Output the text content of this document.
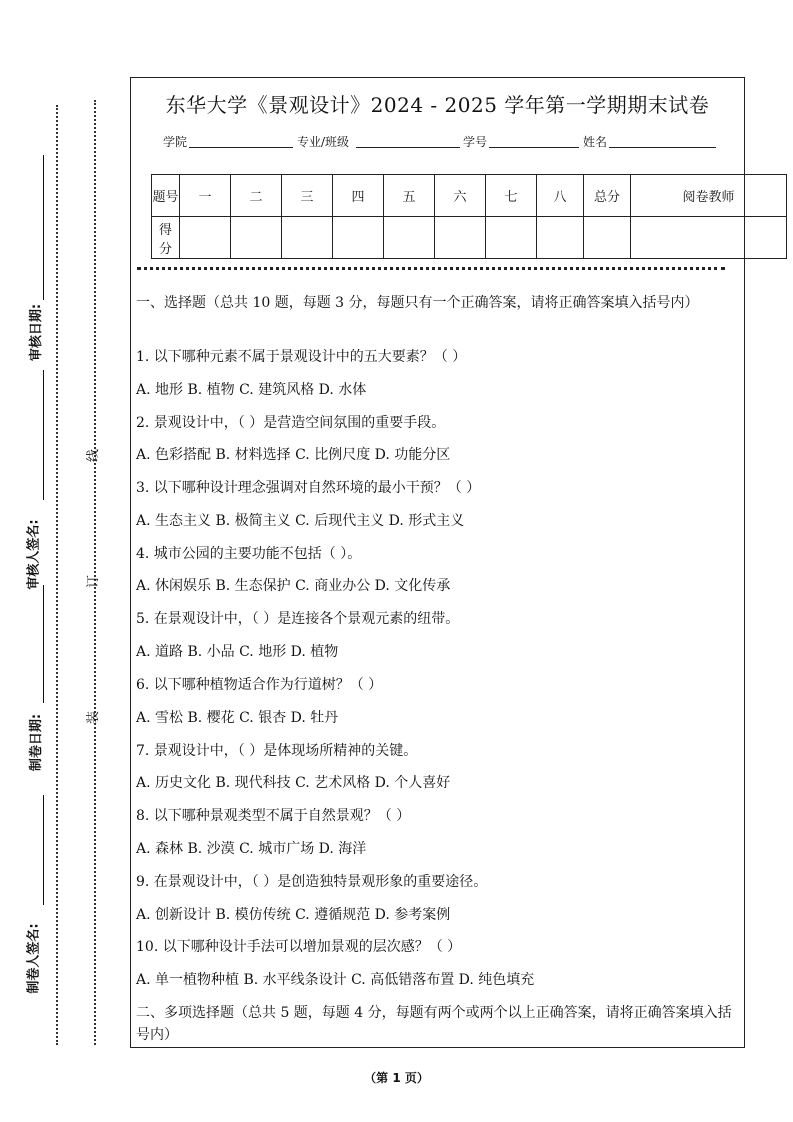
审核日期:
审核人签名:
制卷日期:
制卷人签名:
线
订
装
东华大学《景观设计》2024 - 2025 学年第一学期期末试卷
学院	专业/班级	学号	姓名
题号	一	二	三	四	五	六	七	八	总分	阅卷教师
得分										
一、选择题（总共 10 题，每题 3 分，每题只有一个正确答案，请将正确答案填入括号内）
1. 以下哪种元素不属于景观设计中的五大要素？（ ）
A. 地形 B. 植物 C. 建筑风格 D. 水体
2. 景观设计中，（ ）是营造空间氛围的重要手段。
A. 色彩搭配 B. 材料选择 C. 比例尺度 D. 功能分区
3. 以下哪种设计理念强调对自然环境的最小干预？（ ）
A. 生态主义 B. 极简主义 C. 后现代主义 D. 形式主义
4. 城市公园的主要功能不包括（ ）。
A. 休闲娱乐 B. 生态保护 C. 商业办公 D. 文化传承
5. 在景观设计中，（ ）是连接各个景观元素的纽带。
A. 道路 B. 小品 C. 地形 D. 植物
6. 以下哪种植物适合作为行道树？（ ）
A. 雪松 B. 樱花 C. 银杏 D. 牡丹
7. 景观设计中，（ ）是体现场所精神的关键。
A. 历史文化 B. 现代科技 C. 艺术风格 D. 个人喜好
8. 以下哪种景观类型不属于自然景观？（ ）
A. 森林 B. 沙漠 C. 城市广场 D. 海洋
9. 在景观设计中，（ ）是创造独特景观形象的重要途径。
A. 创新设计 B. 模仿传统 C. 遵循规范 D. 参考案例
10. 以下哪种设计手法可以增加景观的层次感？（ ）
A. 单一植物种植 B. 水平线条设计 C. 高低错落布置 D. 纯色填充
二、多项选择题（总共 5 题，每题 4 分，每题有两个或两个以上正确答案，请将正确答案填入括号内）
（第 1 页）
